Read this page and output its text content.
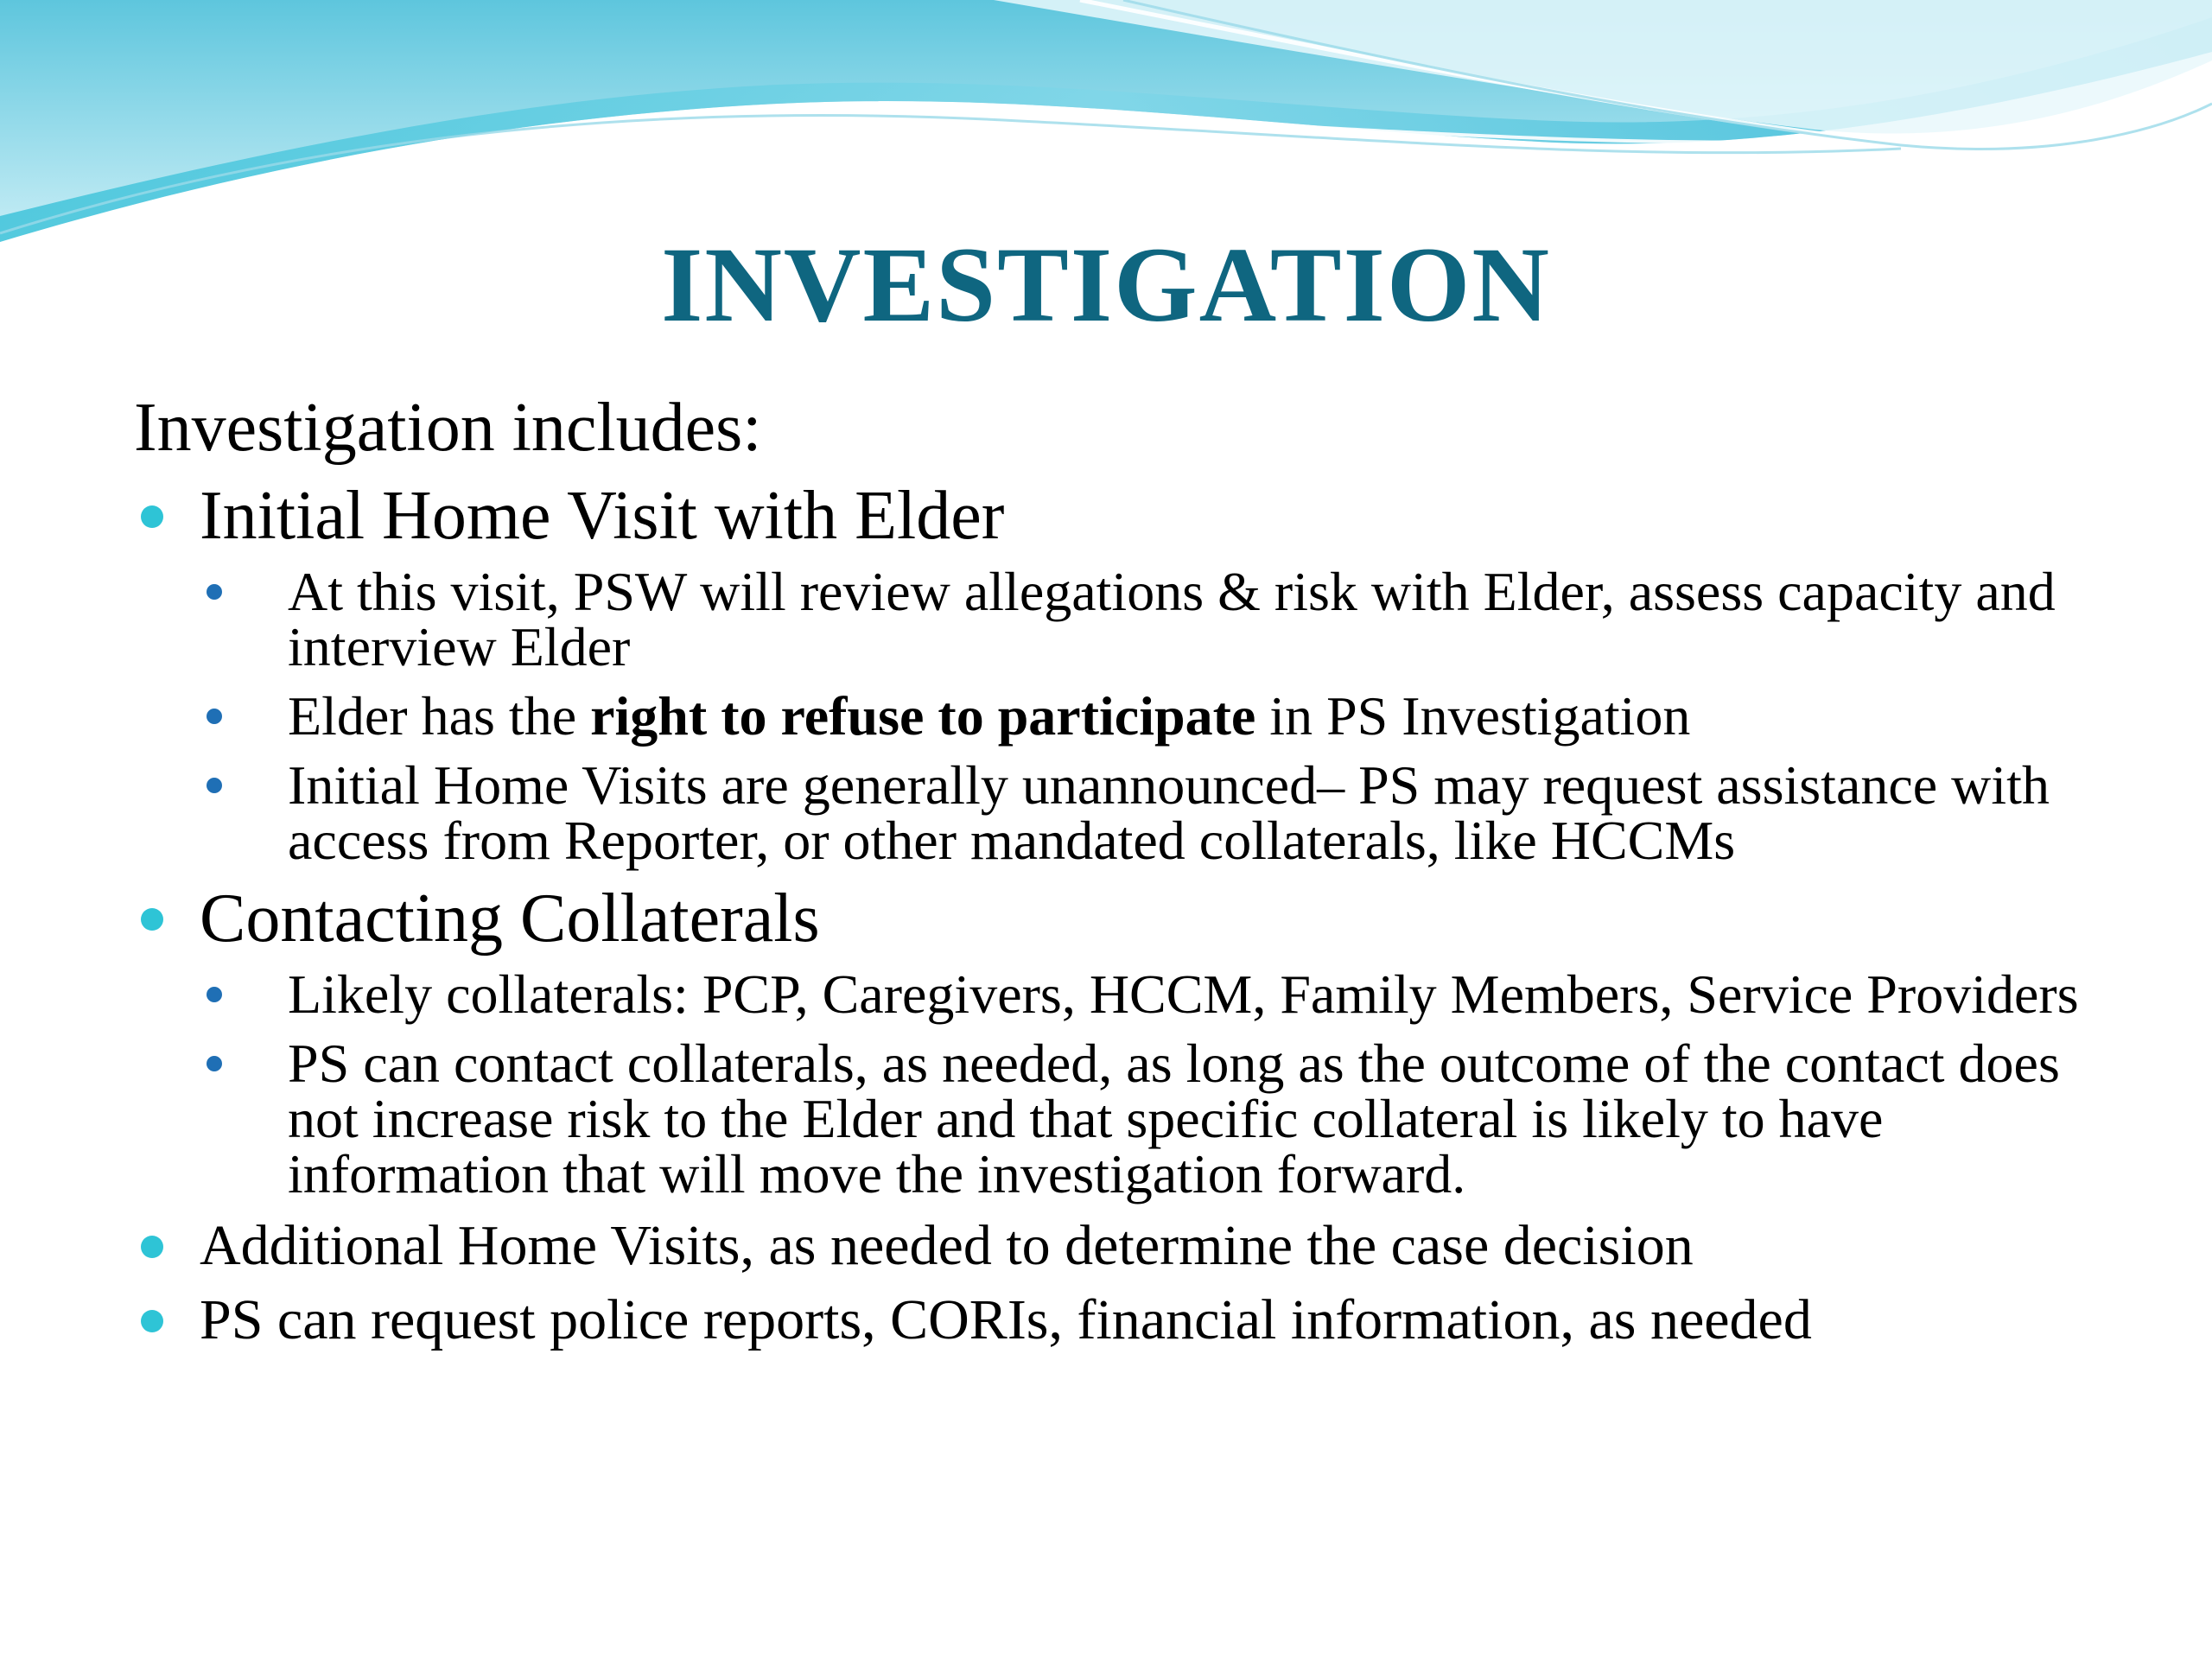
INVESTIGATION
Investigation includes:
Initial Home Visit with Elder
At this visit, PSW will review allegations & risk with Elder, assess capacity and interview Elder
Elder has the right to refuse to participate in PS Investigation
Initial Home Visits are generally unannounced– PS may request assistance with access from Reporter, or other mandated collaterals, like HCCMs
Contacting Collaterals
Likely collaterals: PCP, Caregivers, HCCM, Family Members, Service Providers
PS can contact collaterals, as needed, as long as the outcome of the contact does not increase risk to the Elder and that specific collateral is likely to have information that will move the investigation forward.
Additional Home Visits, as needed to determine the case decision
PS can request police reports, CORIs, financial information, as needed
